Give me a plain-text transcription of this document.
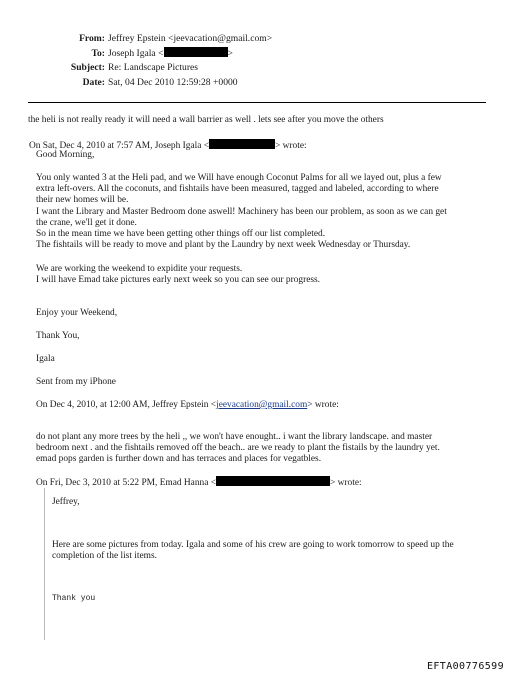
From: Jeffrey Epstein <jeevacation@gmail.com>
To: Joseph Igala <	>
Subject: Re: Landscape Pictures
Date: Sat, 04 Dec 2010 12:59:28 +0000
the heli is not really ready it will need a wall barrier as well . lets see after you move the others
On Sat, Dec 4, 2010 at 7:57 AM, Joseph Igala <	> wrote:
Good Morning,

You only wanted 3 at the Heli pad, and we Will have enough Coconut Palms for all we layed out, plus a few

extra left-overs. All the coconuts, and fishtails have been measured, tagged and labeled, according to where

their new homes will be.

I want the Library and Master Bedroom done aswell! Machinery has been our problem, as soon as we can get

the crane, we'll get it done.

So in the mean time we have been getting other things off our list completed.

The fishtails will be ready to move and plant by the Laundry by next week Wednesday or Thursday.

We are working the weekend to expidite your requests.

I will have Emad take pictures early next week so you can see our progress.

Enjoy your Weekend,
Thank You,
Igala
Sent from my iPhone
On Dec 4, 2010, at 12:00 AM, Jeffrey Epstein <jeevacation@gmail.com> wrote:

do not plant any more trees by the heli ,, we won't have enought.. i want the library landscape. and master

bedroom next . and the fishtails removed off the beach.. are we ready to plant the fistails by the laundry yet.

emad pops garden is further down and has terraces and places for vegatbles.

On Fri, Dec 3, 2010 at 5:22 PM, Emad Hanna <	> wrote:
Jeffrey,

Here are some pictures from today. Igala and some of his crew are going to work tomorrow to speed up the

completion of the list items.

Thank you
EFTA00776599
